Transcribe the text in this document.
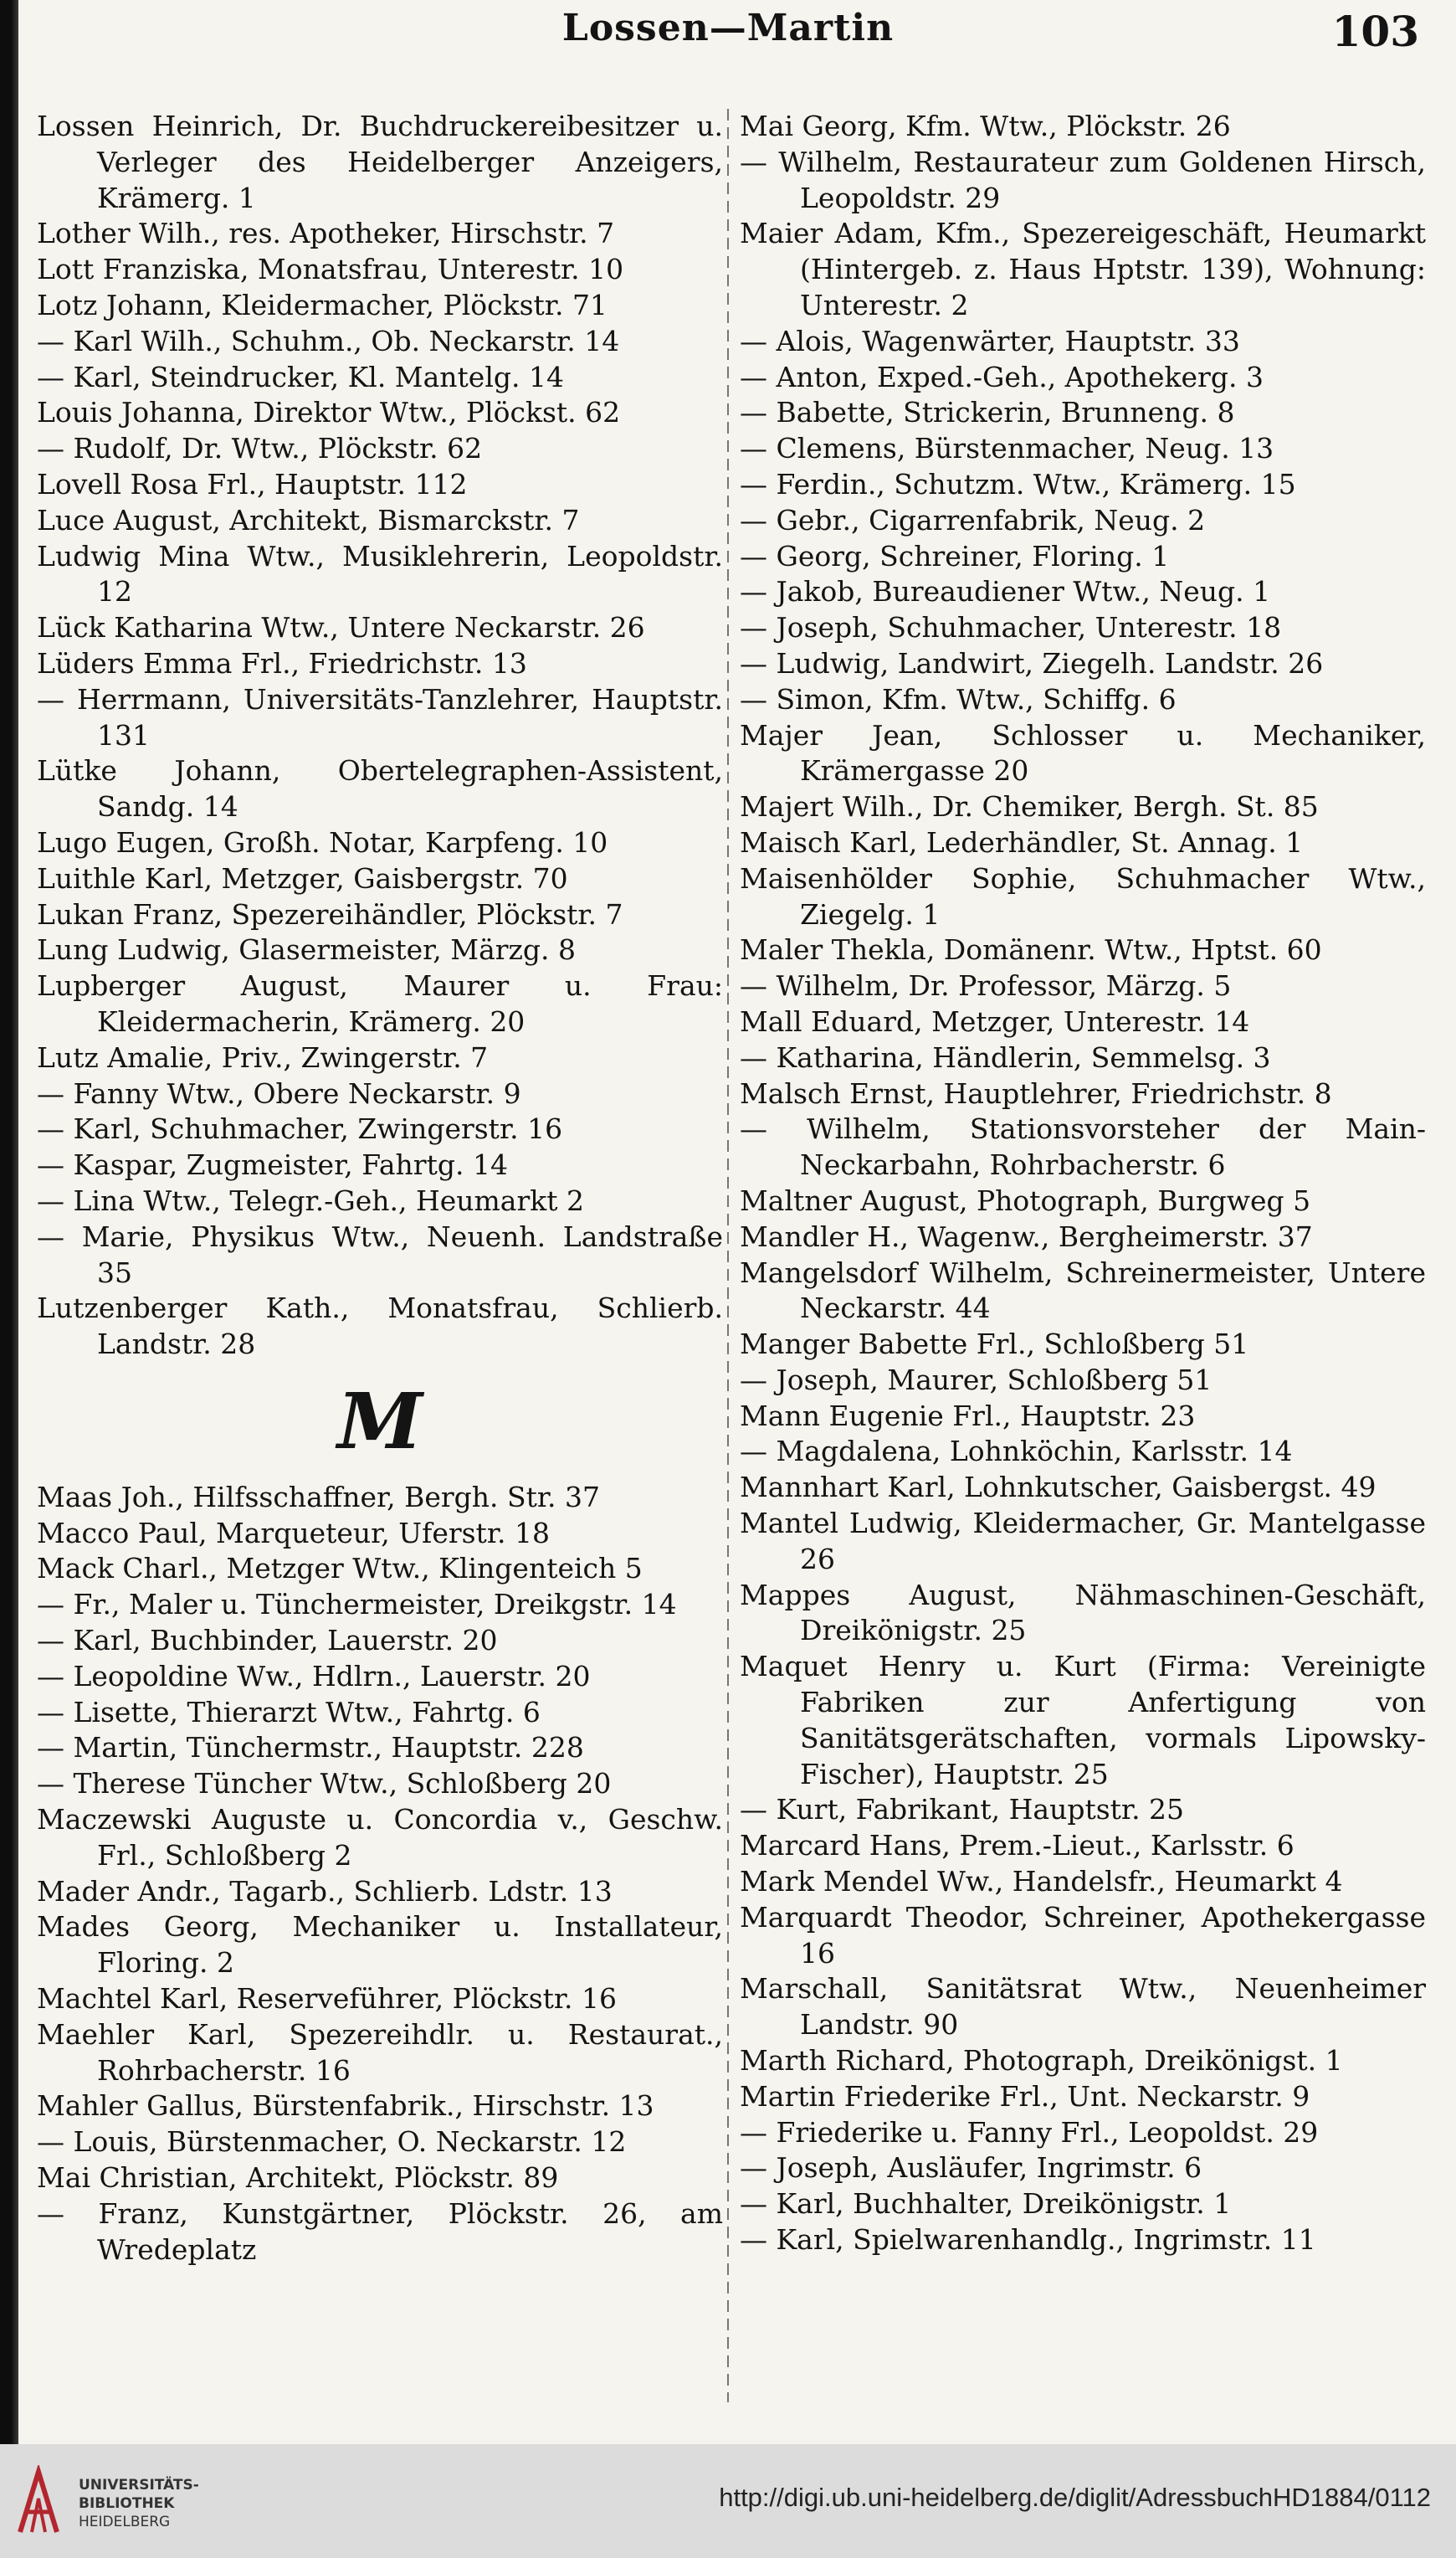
Lossen—Martin	103
Lossen Heinrich, Dr. Buchdruckereibesitzer u. Verleger des Heidelberger Anzeigers, Krämerg. 1
Lother Wilh., res. Apotheker, Hirschstr. 7
Lott Franziska, Monatsfrau, Unterestr. 10
Lotz Johann, Kleidermacher, Plöckstr. 71
— Karl Wilh., Schuhm., Ob. Neckarstr. 14
— Karl, Steindrucker, Kl. Mantelg. 14
Louis Johanna, Direktor Wtw., Plöckst. 62
— Rudolf, Dr. Wtw., Plöckstr. 62
Lovell Rosa Frl., Hauptstr. 112
Luce August, Architekt, Bismarckstr. 7
Ludwig Mina Wtw., Musiklehrerin, Leopoldstr. 12
Lück Katharina Wtw., Untere Neckarstr. 26
Lüders Emma Frl., Friedrichstr. 13
— Herrmann, Universitäts-Tanzlehrer, Hauptstr. 131
Lütke Johann, Obertelegraphen-Assistent, Sandg. 14
Lugo Eugen, Großh. Notar, Karpfeng. 10
Luithle Karl, Metzger, Gaisbergstr. 70
Lukan Franz, Spezereihändler, Plöckstr. 7
Lung Ludwig, Glasermeister, Märzg. 8
Lupberger August, Maurer u. Frau: Kleidermacherin, Krämerg. 20
Lutz Amalie, Priv., Zwingerstr. 7
— Fanny Wtw., Obere Neckarstr. 9
— Karl, Schuhmacher, Zwingerstr. 16
— Kaspar, Zugmeister, Fahrtg. 14
— Lina Wtw., Telegr.-Geh., Heumarkt 2
— Marie, Physikus Wtw., Neuenh. Landstraße 35
Lutzenberger Kath., Monatsfrau, Schlierb. Landstr. 28
M
Maas Joh., Hilfsschaffner, Bergh. Str. 37
Macco Paul, Marqueteur, Uferstr. 18
Mack Charl., Metzger Wtw., Klingenteich 5
— Fr., Maler u. Tünchermeister, Dreikgstr. 14
— Karl, Buchbinder, Lauerstr. 20
— Leopoldine Ww., Hdlrn., Lauerstr. 20
— Lisette, Thierarzt Wtw., Fahrtg. 6
— Martin, Tünchermstr., Hauptstr. 228
— Therese Tüncher Wtw., Schloßberg 20
Maczewski Auguste u. Concordia v., Geschw. Frl., Schloßberg 2
Mader Andr., Tagarb., Schlierb. Ldstr. 13
Mades Georg, Mechaniker u. Installateur, Floring. 2
Machtel Karl, Reserveführer, Plöckstr. 16
Maehler Karl, Spezereihdlr. u. Restaurat., Rohrbacherstr. 16
Mahler Gallus, Bürstenfabrik., Hirschstr. 13
— Louis, Bürstenmacher, O. Neckarstr. 12
Mai Christian, Architekt, Plöckstr. 89
— Franz, Kunstgärtner, Plöckstr. 26, am Wredeplatz
Mai Georg, Kfm. Wtw., Plöckstr. 26
— Wilhelm, Restaurateur zum Goldenen Hirsch, Leopoldstr. 29
Maier Adam, Kfm., Spezereigeschäft, Heumarkt (Hintergeb. z. Haus Hptstr. 139), Wohnung: Unterestr. 2
— Alois, Wagenwärter, Hauptstr. 33
— Anton, Exped.-Geh., Apothekerg. 3
— Babette, Strickerin, Brunneng. 8
— Clemens, Bürstenmacher, Neug. 13
— Ferdin., Schutzm. Wtw., Krämerg. 15
— Gebr., Cigarrenfabrik, Neug. 2
— Georg, Schreiner, Floring. 1
— Jakob, Bureaudiener Wtw., Neug. 1
— Joseph, Schuhmacher, Unterestr. 18
— Ludwig, Landwirt, Ziegelh. Landstr. 26
— Simon, Kfm. Wtw., Schiffg. 6
Majer Jean, Schlosser u. Mechaniker, Krämergasse 20
Majert Wilh., Dr. Chemiker, Bergh. St. 85
Maisch Karl, Lederhändler, St. Annag. 1
Maisenhölder Sophie, Schuhmacher Wtw., Ziegelg. 1
Maler Thekla, Domänenr. Wtw., Hptst. 60
— Wilhelm, Dr. Professor, Märzg. 5
Mall Eduard, Metzger, Unterestr. 14
— Katharina, Händlerin, Semmelsg. 3
Malsch Ernst, Hauptlehrer, Friedrichstr. 8
— Wilhelm, Stationsvorsteher der Main-Neckarbahn, Rohrbacherstr. 6
Maltner August, Photograph, Burgweg 5
Mandler H., Wagenw., Bergheimerstr. 37
Mangelsdorf Wilhelm, Schreinermeister, Untere Neckarstr. 44
Manger Babette Frl., Schloßberg 51
— Joseph, Maurer, Schloßberg 51
Mann Eugenie Frl., Hauptstr. 23
— Magdalena, Lohnköchin, Karlsstr. 14
Mannhart Karl, Lohnkutscher, Gaisbergst. 49
Mantel Ludwig, Kleidermacher, Gr. Mantelgasse 26
Mappes August, Nähmaschinen-Geschäft, Dreikönigstr. 25
Maquet Henry u. Kurt (Firma: Vereinigte Fabriken zur Anfertigung von Sanitätsgerätschaften, vormals Lipowsky-Fischer), Hauptstr. 25
— Kurt, Fabrikant, Hauptstr. 25
Marcard Hans, Prem.-Lieut., Karlsstr. 6
Mark Mendel Ww., Handelsfr., Heumarkt 4
Marquardt Theodor, Schreiner, Apothekergasse 16
Marschall, Sanitätsrat Wtw., Neuenheimer Landstr. 90
Marth Richard, Photograph, Dreikönigst. 1
Martin Friederike Frl., Unt. Neckarstr. 9
— Friederike u. Fanny Frl., Leopoldst. 29
— Joseph, Ausläufer, Ingrimstr. 6
— Karl, Buchhalter, Dreikönigstr. 1
— Karl, Spielwarenhandlg., Ingrimstr. 11
UNIVERSITÄTS-
BIBLIOTHEK
HEIDELBERG
http://digi.ub.uni-heidelberg.de/diglit/AdressbuchHD1884/0112
